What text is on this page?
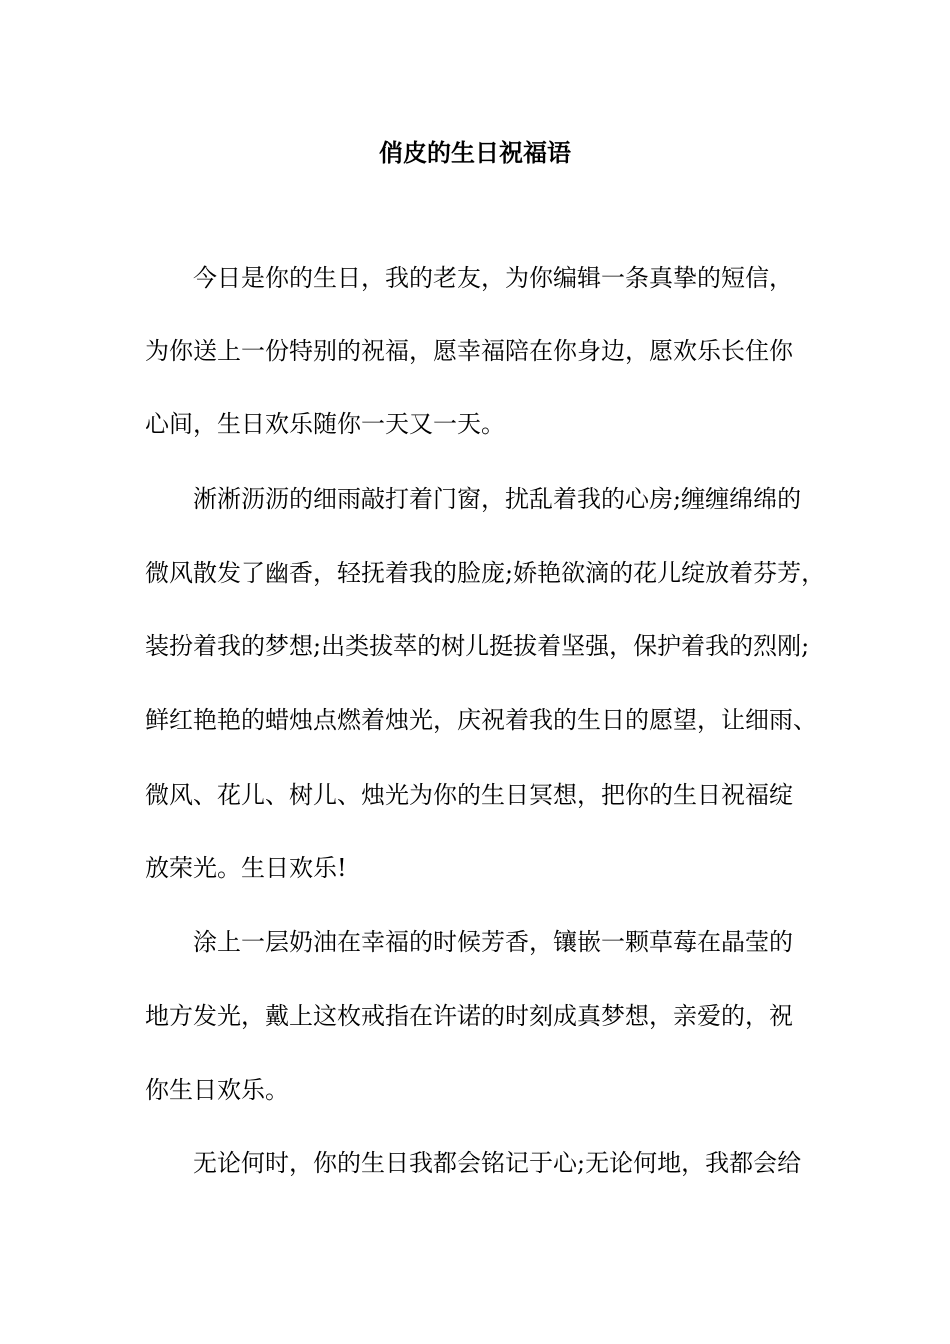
俏皮的生日祝福语

今日是你的生日，我的老友，为你编辑一条真挚的短信，

为你送上一份特别的祝福，愿幸福陪在你身边，愿欢乐长住你

心间，生日欢乐随你一天又一天。

淅淅沥沥的细雨敲打着门窗，扰乱着我的心房;缠缠绵绵的

微风散发了幽香，轻抚着我的脸庞;娇艳欲滴的花儿绽放着芬芳，

装扮着我的梦想;出类拔萃的树儿挺拔着坚强，保护着我的烈刚;

鲜红艳艳的蜡烛点燃着烛光，庆祝着我的生日的愿望，让细雨、

微风、花儿、树儿、烛光为你的生日冥想，把你的生日祝福绽

放荣光。生日欢乐!

涂上一层奶油在幸福的时候芳香，镶嵌一颗草莓在晶莹的

地方发光，戴上这枚戒指在许诺的时刻成真梦想，亲爱的，祝

你生日欢乐。

无论何时，你的生日我都会铭记于心;无论何地，我都会给
